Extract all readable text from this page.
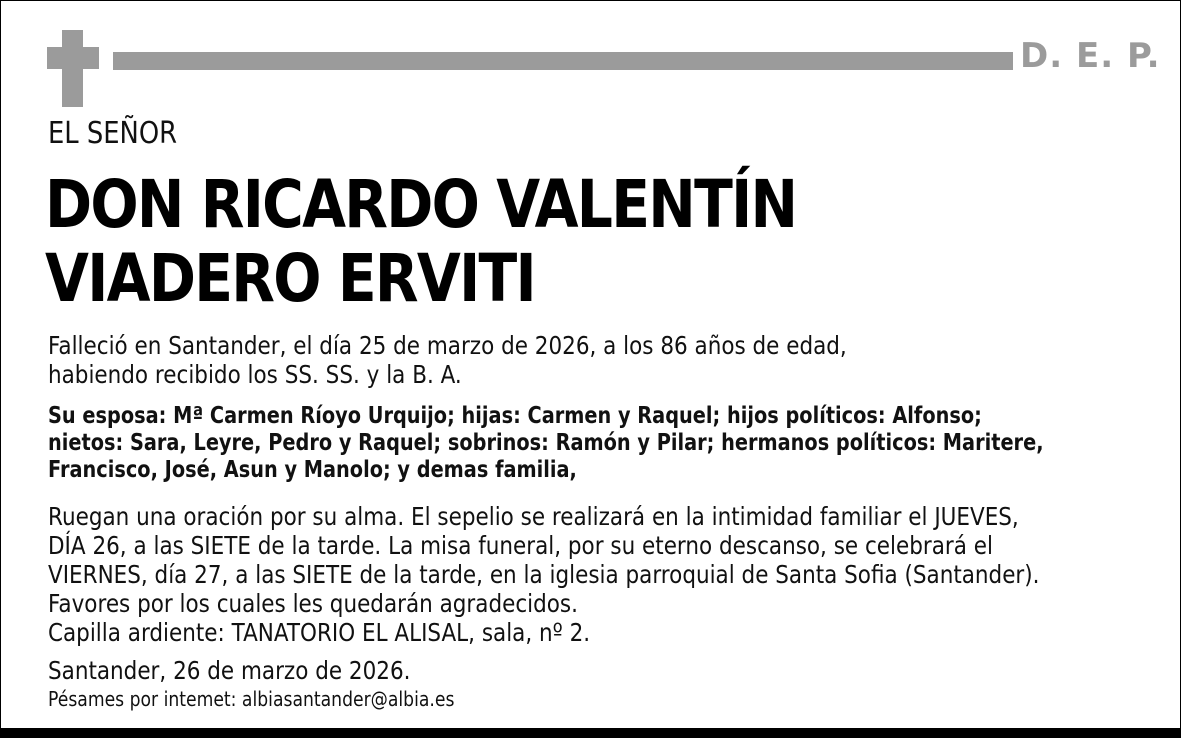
D. E. P.
EL SEÑOR
DON RICARDO VALENTÍN
VIADERO ERVITI
Falleció en Santander, el día 25 de marzo de 2026, a los 86 años de edad,
habiendo recibido los SS. SS. y la B. A.
Su esposa: Mª Carmen Ríoyo Urquijo; hijas: Carmen y Raquel; hijos políticos: Alfonso;
nietos: Sara, Leyre, Pedro y Raquel; sobrinos: Ramón y Pilar; hermanos políticos: Maritere,
Francisco, José, Asun y Manolo; y demas familia,
Ruegan una oración por su alma. El sepelio se realizará en la intimidad familiar el JUEVES,
DÍA 26, a las SIETE de la tarde. La misa funeral, por su eterno descanso, se celebrará el
VIERNES, día 27, a las SIETE de la tarde, en la iglesia parroquial de Santa Sofia (Santander).
Favores por los cuales les quedarán agradecidos.
Capilla ardiente: TANATORIO EL ALISAL, sala, nº 2.
Santander, 26 de marzo de 2026.
Pésames por intemet: albiasantander@albia.es
